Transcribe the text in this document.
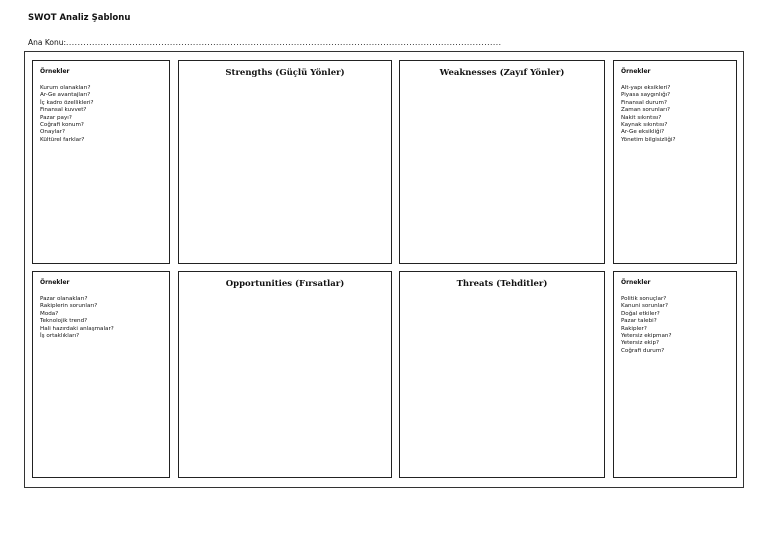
SWOT Analiz Şablonu
Ana Konu:.......................................................................................................................................................
Örnekler
Kurum olanakları?
Ar-Ge avantajları?
İç kadro özellikleri?
Finansal kuvvet?
Pazar payı?
Coğrafi konum?
Onaylar?
Kültürel farklar?
Strengths (Güçlü Yönler)	Weaknesses (Zayıf Yönler)	Örnekler
Alt-yapı eksikleri?
Piyasa saygınlığı?
Finansal durum?
Zaman sorunları?
Nakit sıkıntısı?
Kaynak sıkıntısı?
Ar-Ge eksikliği?
Yönetim bilgisizliği?
Örnekler
Pazar olanakları?
Rakiplerin sorunları?
Moda?
Teknolojik trend?
Hali hazırdaki anlaşmalar?
İş ortaklıkları?
Opportunities (Fırsatlar)	Threats (Tehditler)	Örnekler
Politik sonuçlar?
Kanuni sorunlar?
Doğal etkiler?
Pazar talebi?
Rakipler?
Yetersiz ekipman?
Yetersiz ekip?
Coğrafi durum?
